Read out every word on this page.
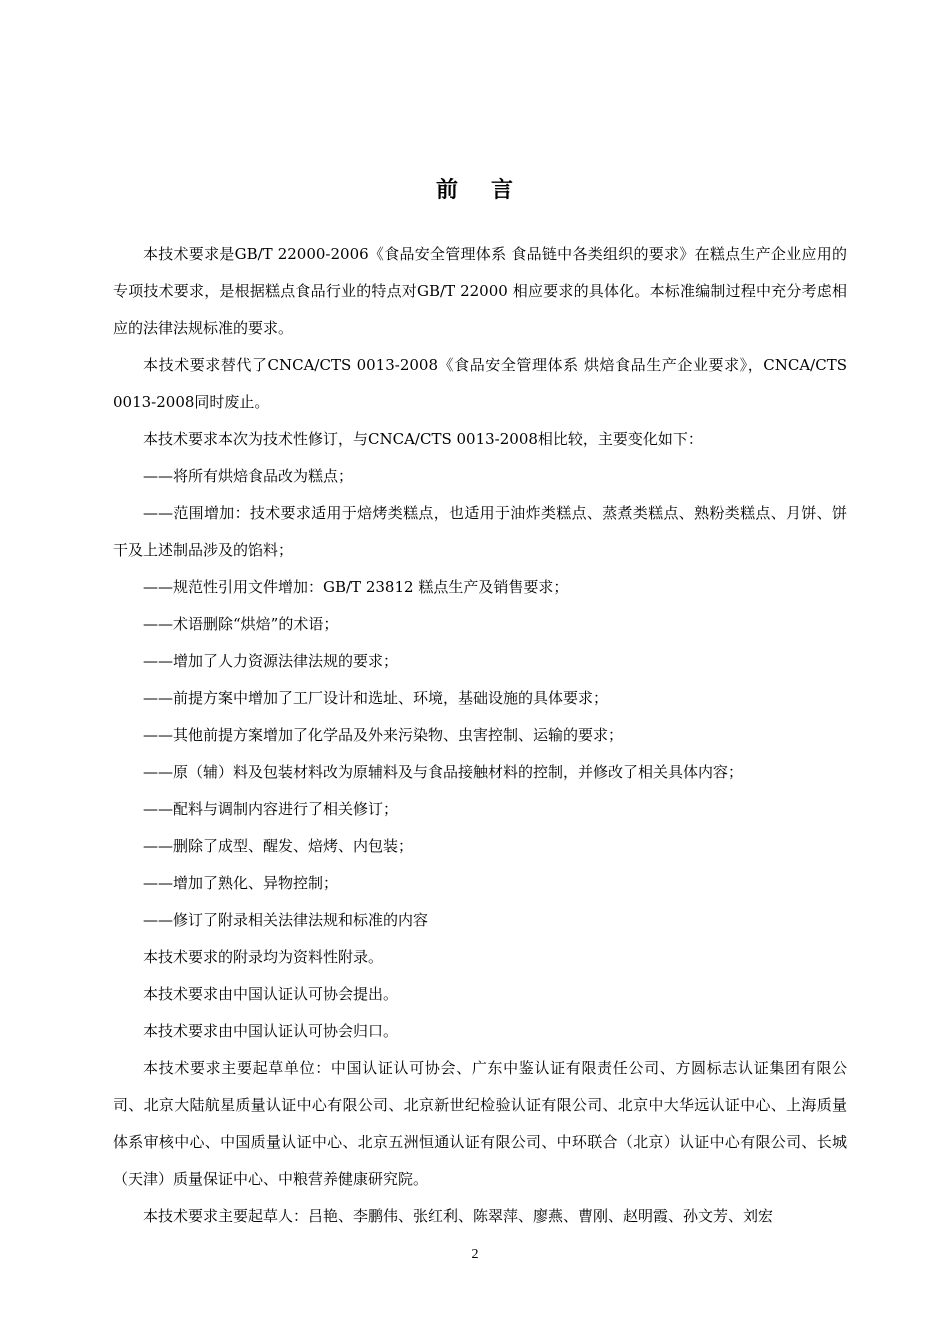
前 言

本技术要求是GB/T 22000-2006《食品安全管理体系 食品链中各类组织的要求》在糕点生产企业应用的专项技术要求，是根据糕点食品行业的特点对GB/T 22000 相应要求的具体化。本标准编制过程中充分考虑相应的法律法规标准的要求。

本技术要求替代了CNCA/CTS 0013-2008《食品安全管理体系 烘焙食品生产企业要求》，CNCA/CTS 0013-2008同时废止。

本技术要求本次为技术性修订，与CNCA/CTS 0013-2008相比较，主要变化如下：

——将所有烘焙食品改为糕点；

——范围增加：技术要求适用于焙烤类糕点，也适用于油炸类糕点、蒸煮类糕点、熟粉类糕点、月饼、饼干及上述制品涉及的馅料；

——规范性引用文件增加：GB/T 23812 糕点生产及销售要求；

——术语删除“烘焙”的术语；

——增加了人力资源法律法规的要求；

——前提方案中增加了工厂设计和选址、环境，基础设施的具体要求；

——其他前提方案增加了化学品及外来污染物、虫害控制、运输的要求；

——原（辅）料及包装材料改为原辅料及与食品接触材料的控制，并修改了相关具体内容；

——配料与调制内容进行了相关修订；

——删除了成型、醒发、焙烤、内包装；

——增加了熟化、异物控制；

——修订了附录相关法律法规和标准的内容

本技术要求的附录均为资料性附录。

本技术要求由中国认证认可协会提出。

本技术要求由中国认证认可协会归口。

本技术要求主要起草单位：中国认证认可协会、广东中鉴认证有限责任公司、方圆标志认证集团有限公司、北京大陆航星质量认证中心有限公司、北京新世纪检验认证有限公司、北京中大华远认证中心、上海质量体系审核中心、中国质量认证中心、北京五洲恒通认证有限公司、中环联合（北京）认证中心有限公司、长城（天津）质量保证中心、中粮营养健康研究院。

本技术要求主要起草人：吕艳、李鹏伟、张红利、陈翠萍、廖燕、曹刚、赵明霞、孙文芳、刘宏

2
